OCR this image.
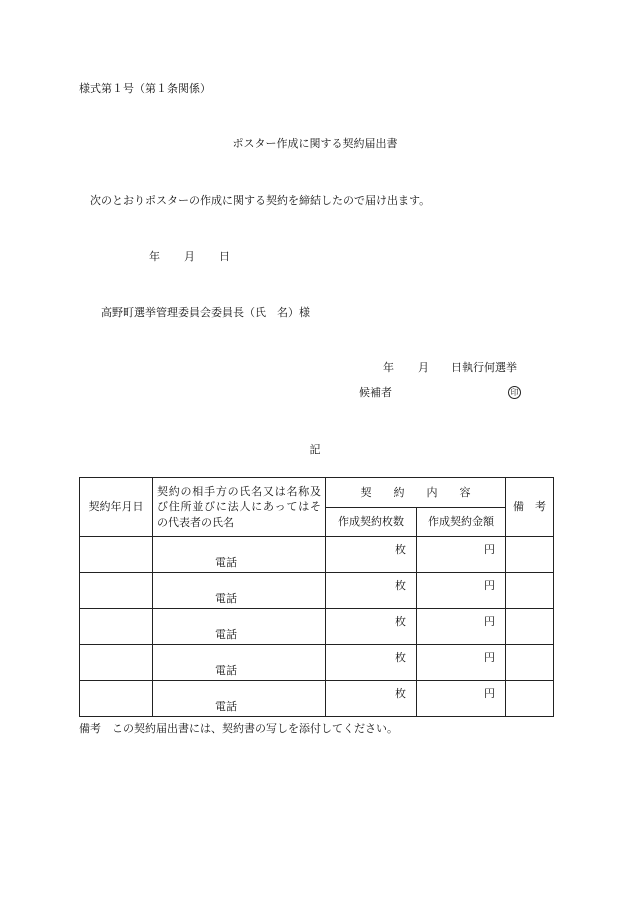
様式第１号（第１条関係）
ポスター作成に関する契約届出書
次のとおりポスターの作成に関する契約を締結したので届け出ます。
年 月 日
高野町選挙管理委員会委員長（氏　名）様
年 月 日執行何選挙
候補者	印
記
契約年月日	契約の相手方の氏名又は名称及び住所並びに法人にあってはその代表者の氏名	契　　約　　内　　容		備　考
		作成契約枚数	作成契約金額	

	電話	枚	円	

	電話	枚	円	

	電話	枚	円	

	電話	枚	円	

	電話	枚	円	

備考　この契約届出書には、契約書の写しを添付してください。
